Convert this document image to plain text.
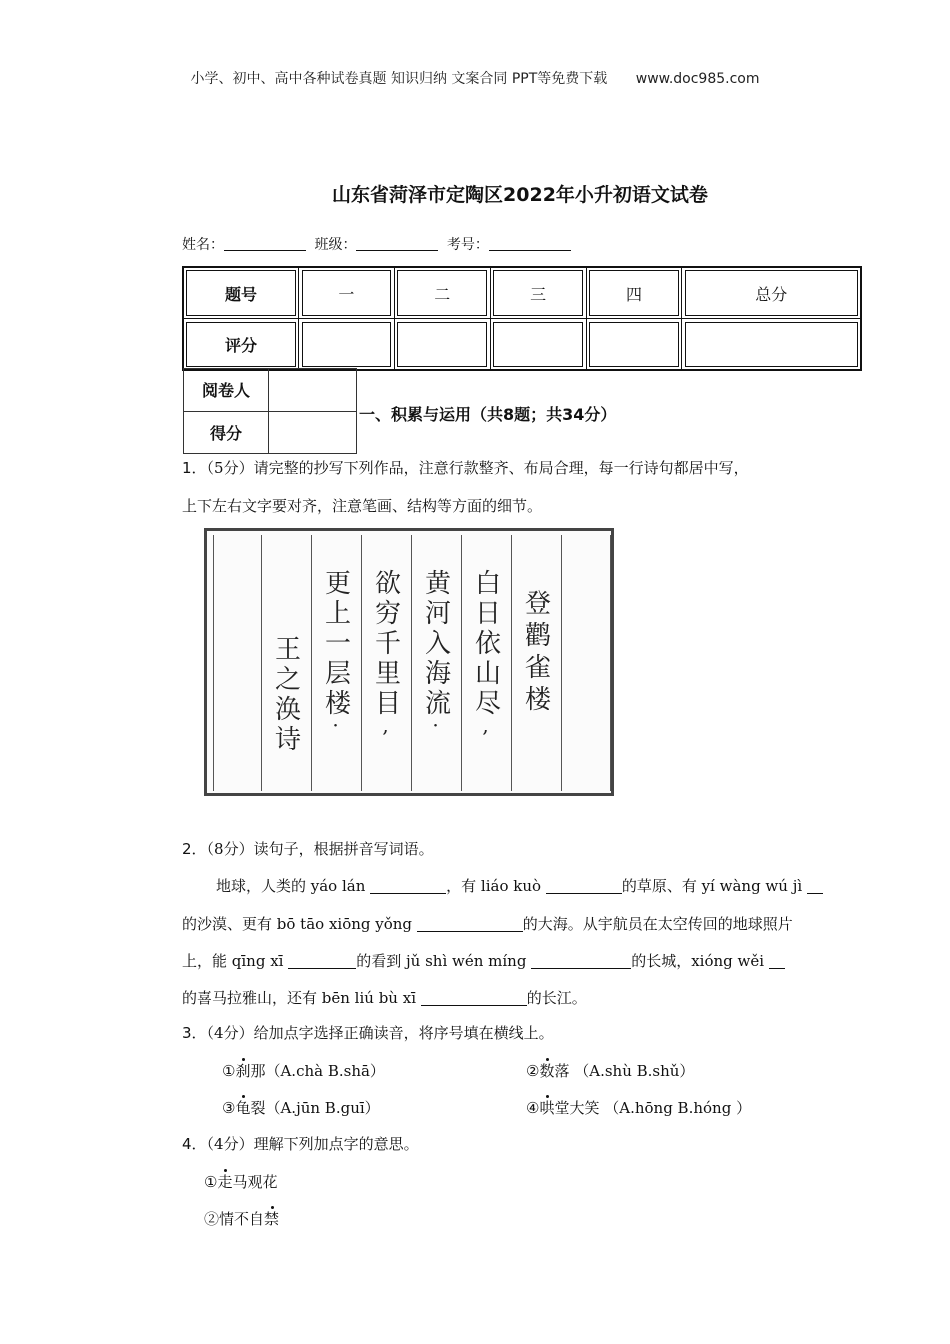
小学、初中、高中各种试卷真题 知识归纳 文案合同 PPT等免费下载 www.doc985.com
山东省菏泽市定陶区2022年小升初语文试卷
姓名：	班级：	考号：
题号	一	二	三	四	总分
评分					
阅卷人	
得分	
一、积累与运用（共8题；共34分）
1．（5分）请完整的抄写下列作品，注意行款整齐、布局合理，每一行诗句都居中写，
上下左右文字要对齐，注意笔画、结构等方面的细节。
王之涣诗 更上一层楼
·
欲穷千里目
,
黄河入海流
·
白日依山尽
,
登鹳雀楼
2．（8分）读句子，根据拼音写词语。
地球，人类的 yáo lán	，有 liáo kuò	的草原、有 yí wàng wú jì
的沙漠、更有 bō tāo xiōng yǒng	的大海。从宇航员在太空传回的地球照片
上，能 qīng xī	的看到 jǔ shì wén míng	的长城，xióng wěi
的喜马拉雅山，还有 bēn liú bù xī	的长江。
3．（4分）给加点字选择正确读音，将序号填在横线上。
①刹那（A.chà B.shā）	②数落 （A.shù B.shǔ）
③龟裂（A.jūn B.guī）	④哄堂大笑 （A.hōng B.hóng ）
4．（4分）理解下列加点字的意思。
①走马观花
②情不自禁
